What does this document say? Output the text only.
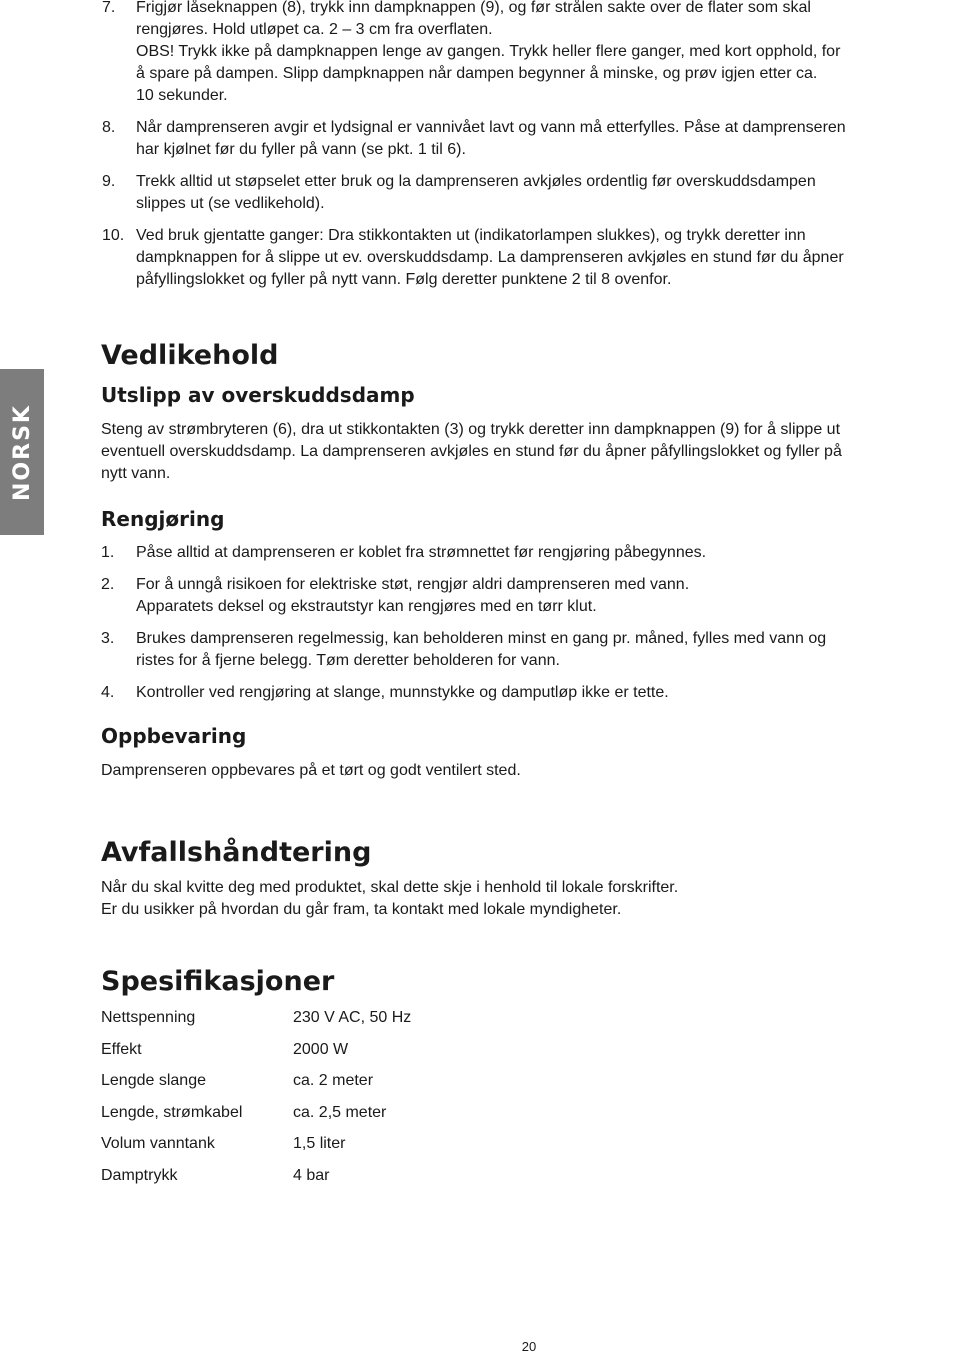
7. Frigjør låseknappen (8), trykk inn dampknappen (9), og før strålen sakte over de flater som skal
rengjøres. Hold utløpet ca. 2 – 3 cm fra overflaten.
OBS! Trykk ikke på dampknappen lenge av gangen. Trykk heller flere ganger, med kort opphold, for
å spare på dampen. Slipp dampknappen når dampen begynner å minske, og prøv igjen etter ca.
10 sekunder.
8. Når damprenseren avgir et lydsignal er vannivået lavt og vann må etterfylles. Påse at damprenseren
har kjølnet før du fyller på vann (se pkt. 1 til 6).
9. Trekk alltid ut støpselet etter bruk og la damprenseren avkjøles ordentlig før overskuddsdampen
slippes ut (se vedlikehold).
10. Ved bruk gjentatte ganger: Dra stikkontakten ut (indikatorlampen slukkes), og trykk deretter inn
dampknappen for å slippe ut ev. overskuddsdamp. La damprenseren avkjøles en stund før du åpner
påfyllingslokket og fyller på nytt vann. Følg deretter punktene 2 til 8 ovenfor.
NORSK
Vedlikehold
Utslipp av overskuddsdamp

Steng av strømbryteren (6), dra ut stikkontakten (3) og trykk deretter inn dampknappen (9) for å slippe ut
eventuell overskuddsdamp. La damprenseren avkjøles en stund før du åpner påfyllingslokket og fyller på
nytt vann.

Rengjøring
1. Påse alltid at damprenseren er koblet fra strømnettet før rengjøring påbegynnes.
2. For å unngå risikoen for elektriske støt, rengjør aldri damprenseren med vann.
Apparatets deksel og ekstrautstyr kan rengjøres med en tørr klut.
3. Brukes damprenseren regelmessig, kan beholderen minst en gang pr. måned, fylles med vann og
ristes for å fjerne belegg. Tøm deretter beholderen for vann.
4. Kontroller ved rengjøring at slange, munnstykke og damputløp ikke er tette.
Oppbevaring

Damprenseren oppbevares på et tørt og godt ventilert sted.

Avfallshåndtering

Når du skal kvitte deg med produktet, skal dette skje i henhold til lokale forskrifter.
Er du usikker på hvordan du går fram, ta kontakt med lokale myndigheter.

Spesifikasjoner
Nettspenning	230 V AC, 50 Hz
Effekt	2000 W
Lengde slange	ca. 2 meter
Lengde, strømkabel	ca. 2,5 meter
Volum vanntank	1,5 liter
Damptrykk	4 bar
20
